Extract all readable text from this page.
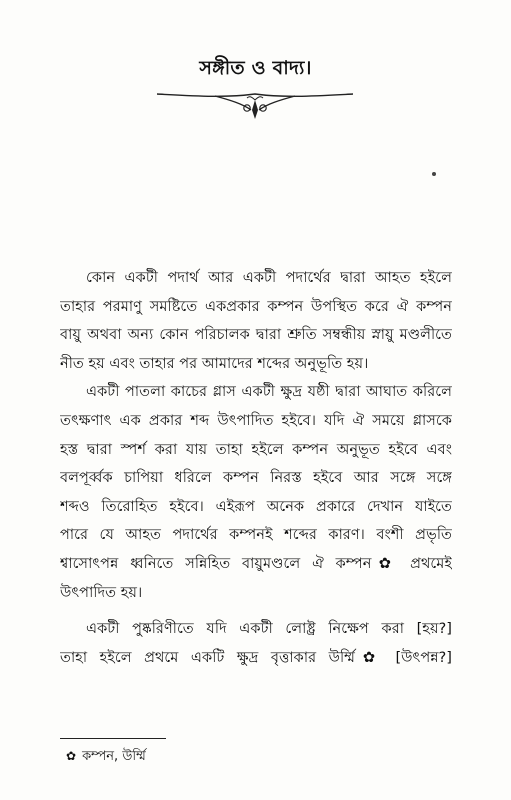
সঙ্গীত ও বাদ্য।
কোন একটী পদার্থ আর একটী পদার্থের দ্বারা আহত হইলে
তাহার পরমাণু সমষ্টিতে একপ্রকার কম্পন উপস্থিত করে ঐ কম্পন
বায়ু অথবা অন্য কোন পরিচালক দ্বারা শ্রুতি সম্বন্ধীয় স্নায়ু মণ্ডলীতে
নীত হয় এবং তাহার পর আমাদের শব্দের অনুভূতি হয়।
একটী পাতলা কাচের গ্লাস একটী ক্ষুদ্র যষ্ঠী দ্বারা আঘাত করিলে
তৎক্ষণাৎ এক প্রকার শব্দ উৎপাদিত হইবে। যদি ঐ সময়ে গ্লাসকে
হস্ত দ্বারা স্পর্শ করা যায় তাহা হইলে কম্পন অনুভূত হইবে এবং
বলপূর্ব্বক চাপিয়া ধরিলে কম্পন নিরস্ত হইবে আর সঙ্গে সঙ্গে
শব্দও তিরোহিত হইবে। এইরূপ অনেক প্রকারে দেখান যাইতে
পারে যে আহত পদার্থের কম্পনই শব্দের কারণ। বংশী প্রভৃতি
শ্বাসোৎপন্ন ধ্বনিতে সন্নিহিত বায়ুমণ্ডলে ঐ কম্পন✿ প্রথমেই
উৎপাদিত হয়।
একটী পুষ্করিণীতে যদি একটী লোষ্ট্র নিক্ষেপ করা [হয়?]
তাহা হইলে প্রথমে একটি ক্ষুদ্র বৃত্তাকার উর্ম্মি✿ [উৎপন্ন?]
✿ কম্পন, উর্ম্মি
